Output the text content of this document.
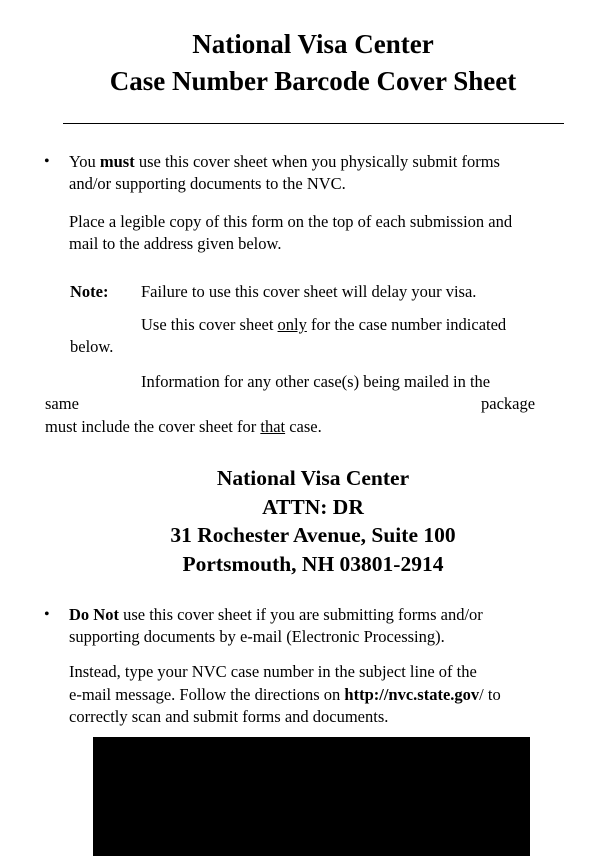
National Visa Center
Case Number Barcode Cover Sheet
• You must use this cover sheet when you physically submit forms

and/or supporting documents to the NVC.

Place a legible copy of this form on the top of each submission and

mail to the address given below.

Note: Failure to use this cover sheet will delay your visa.

Use this cover sheet only for the case number indicated

below.

Information for any other case(s) being mailed in the

same	package

must include the cover sheet for that case.

National Visa Center

ATTN: DR

31 Rochester Avenue, Suite 100

Portsmouth, NH 03801-2914

• Do Not use this cover sheet if you are submitting forms and/or

supporting documents by e-mail (Electronic Processing).

Instead, type your NVC case number in the subject line of the

e-mail message. Follow the directions on http://nvc.state.gov/ to

correctly scan and submit forms and documents.
